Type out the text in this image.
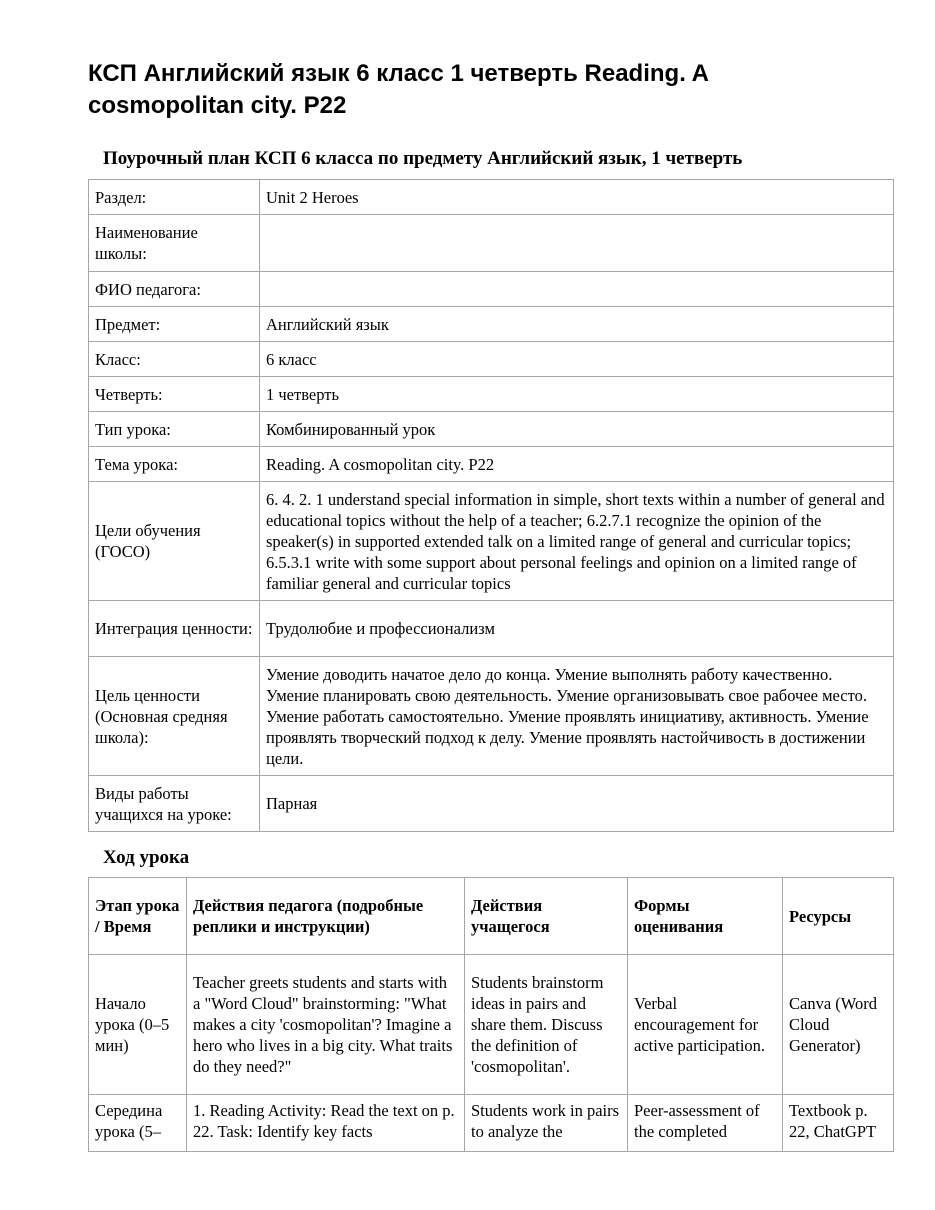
КСП Английский язык 6 класс 1 четверть Reading. A cosmopolitan city. P22
Поурочный план КСП 6 класса по предмету Английский язык, 1 четверть
Раздел:	Unit 2 Heroes
Наименование школы:	
ФИО педагога:	
Предмет:	Английский язык
Класс:	6 класс
Четверть:	1 четверть
Тип урока:	Комбинированный урок
Тема урока:	Reading. A cosmopolitan city. P22
Цели обучения (ГОСО)	6. 4. 2. 1 understand special information in simple, short texts within a number of general and educational topics without the help of a teacher; 6.2.7.1 recognize the opinion of the speaker(s) in supported extended talk on a limited range of general and curricular topics; 6.5.3.1 write with some support about personal feelings and opinion on a limited range of familiar general and curricular topics
Интеграция ценности:	Трудолюбие и профессионализм
Цель ценности (Основная средняя школа):	Умение доводить начатое дело до конца. Умение выполнять работу качественно. Умение планировать свою деятельность. Умение организовывать свое рабочее место. Умение работать самостоятельно. Умение проявлять инициативу, активность. Умение проявлять творческий подход к делу. Умение проявлять настойчивость в достижении цели.
Виды работы учащихся на уроке:	Парная
Ход урока
Этап урока / Время	Действия педагога (подробные реплики и инструкции)	Действия учащегося	Формы оценивания	Ресурсы
Начало урока (0–5 мин)	Teacher greets students and starts with a "Word Cloud" brainstorming: "What makes a city 'cosmopolitan'? Imagine a hero who lives in a big city. What traits do they need?"	Students brainstorm ideas in pairs and share them. Discuss the definition of 'cosmopolitan'.	Verbal encouragement for active participation.	Canva (Word Cloud Generator)

Середина урока (5–	1. Reading Activity: Read the text on p. 22. Task: Identify key facts	Students work in pairs to analyze the	Peer-assessment of the completed	Textbook p. 22, ChatGPT
